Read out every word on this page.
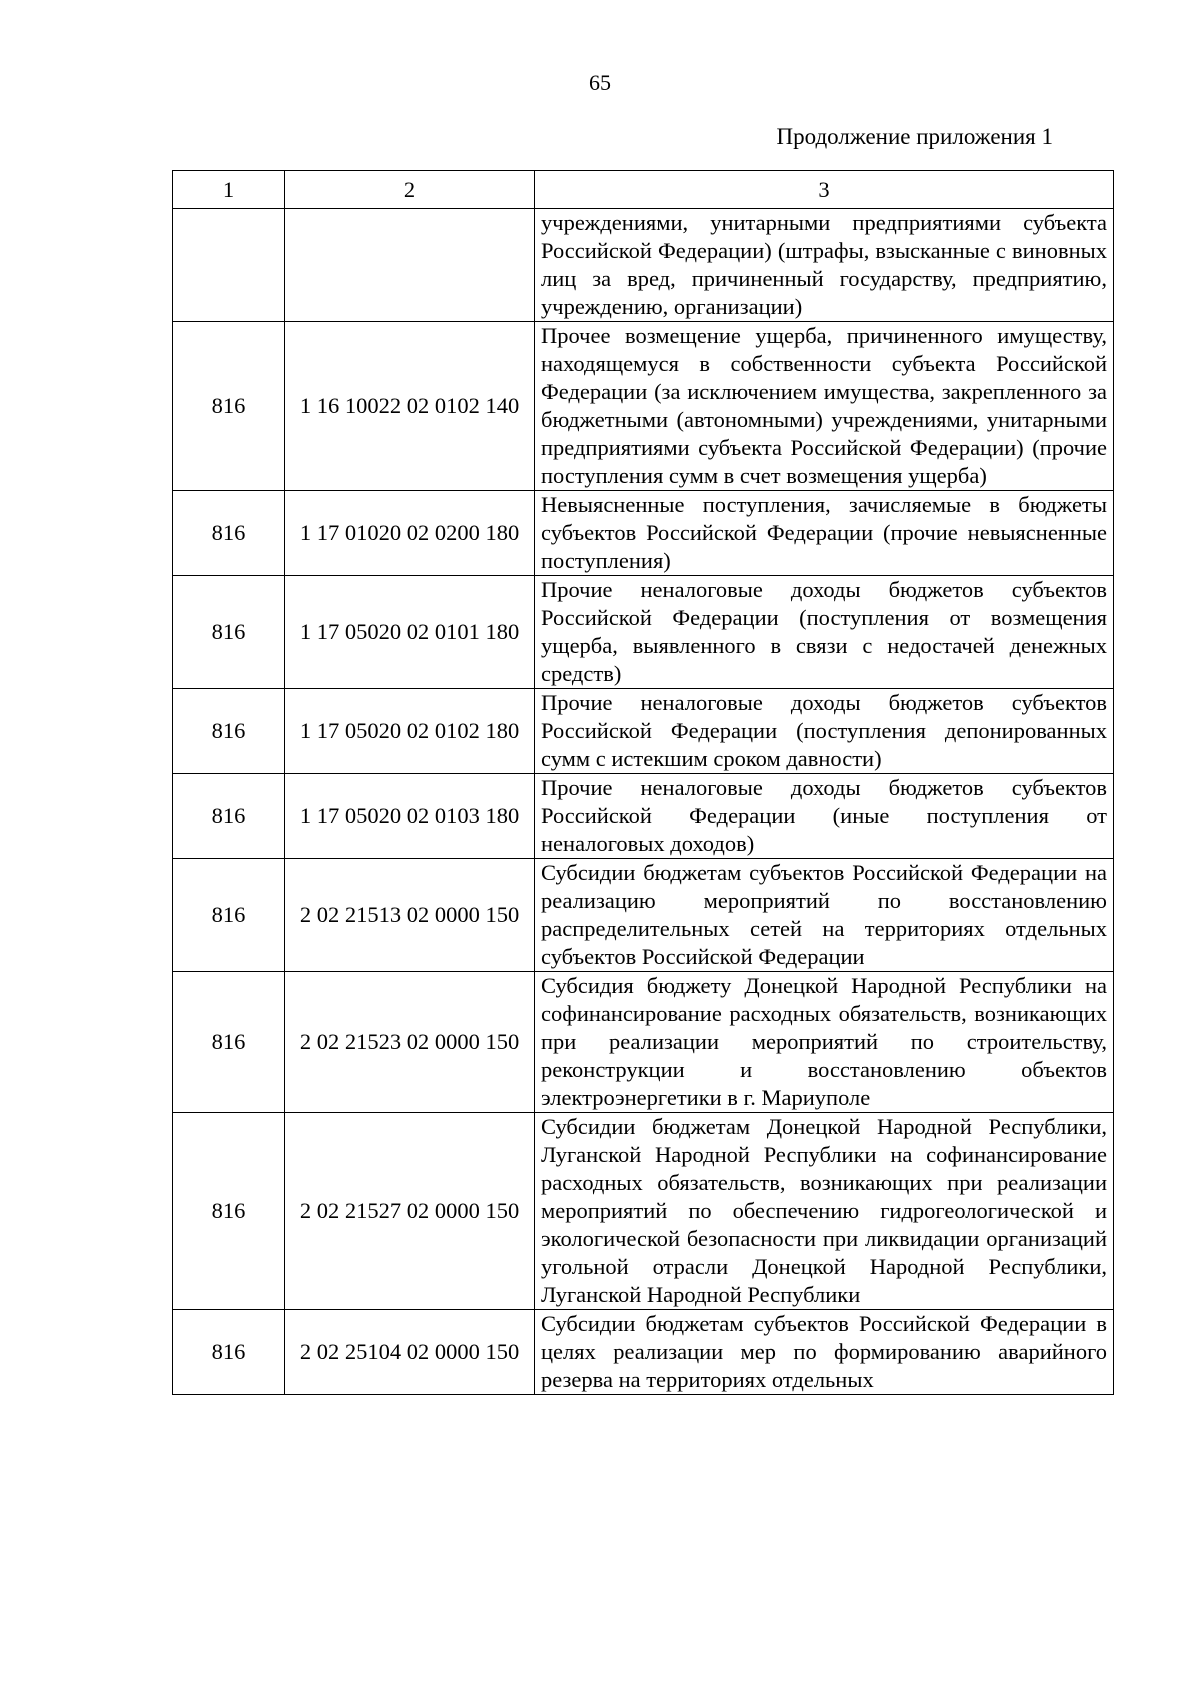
65
Продолжение приложения 1
1	2	3
		учреждениями, унитарными предприятиями субъекта Российской Федерации) (штрафы, взысканные с виновных лиц за вред, причиненный государству, предприятию, учреждению, организации)
816	1 16 10022 02 0102 140	Прочее возмещение ущерба, причиненного имуществу, находящемуся в собственности субъекта Российской Федерации (за исключением имущества, закрепленного за бюджетными (автономными) учреждениями, унитарными предприятиями субъекта Российской Федерации) (прочие поступления сумм в счет возмещения ущерба)
816	1 17 01020 02 0200 180	Невыясненные поступления, зачисляемые в бюджеты субъектов Российской Федерации (прочие невыясненные поступления)
816	1 17 05020 02 0101 180	Прочие неналоговые доходы бюджетов субъектов Российской Федерации (поступления от возмещения ущерба, выявленного в связи с недостачей денежных средств)
816	1 17 05020 02 0102 180	Прочие неналоговые доходы бюджетов субъектов Российской Федерации (поступления депонированных сумм с истекшим сроком давности)
816	1 17 05020 02 0103 180	Прочие неналоговые доходы бюджетов субъектов Российской Федерации (иные поступления от неналоговых доходов)
816	2 02 21513 02 0000 150	Субсидии бюджетам субъектов Российской Федерации на реализацию мероприятий по восстановлению распределительных сетей на территориях отдельных субъектов Российской Федерации
816	2 02 21523 02 0000 150	Субсидия бюджету Донецкой Народной Республики на софинансирование расходных обязательств, возникающих при реализации мероприятий по строительству, реконструкции и восстановлению объектов электроэнергетики в г. Мариуполе
816	2 02 21527 02 0000 150	Субсидии бюджетам Донецкой Народной Республики, Луганской Народной Республики на софинансирование расходных обязательств, возникающих при реализации мероприятий по обеспечению гидрогеологической и экологической безопасности при ликвидации организаций угольной отрасли Донецкой Народной Республики, Луганской Народной Республики
816	2 02 25104 02 0000 150	Субсидии бюджетам субъектов Российской Федерации в целях реализации мер по формированию аварийного резерва на территориях отдельных
